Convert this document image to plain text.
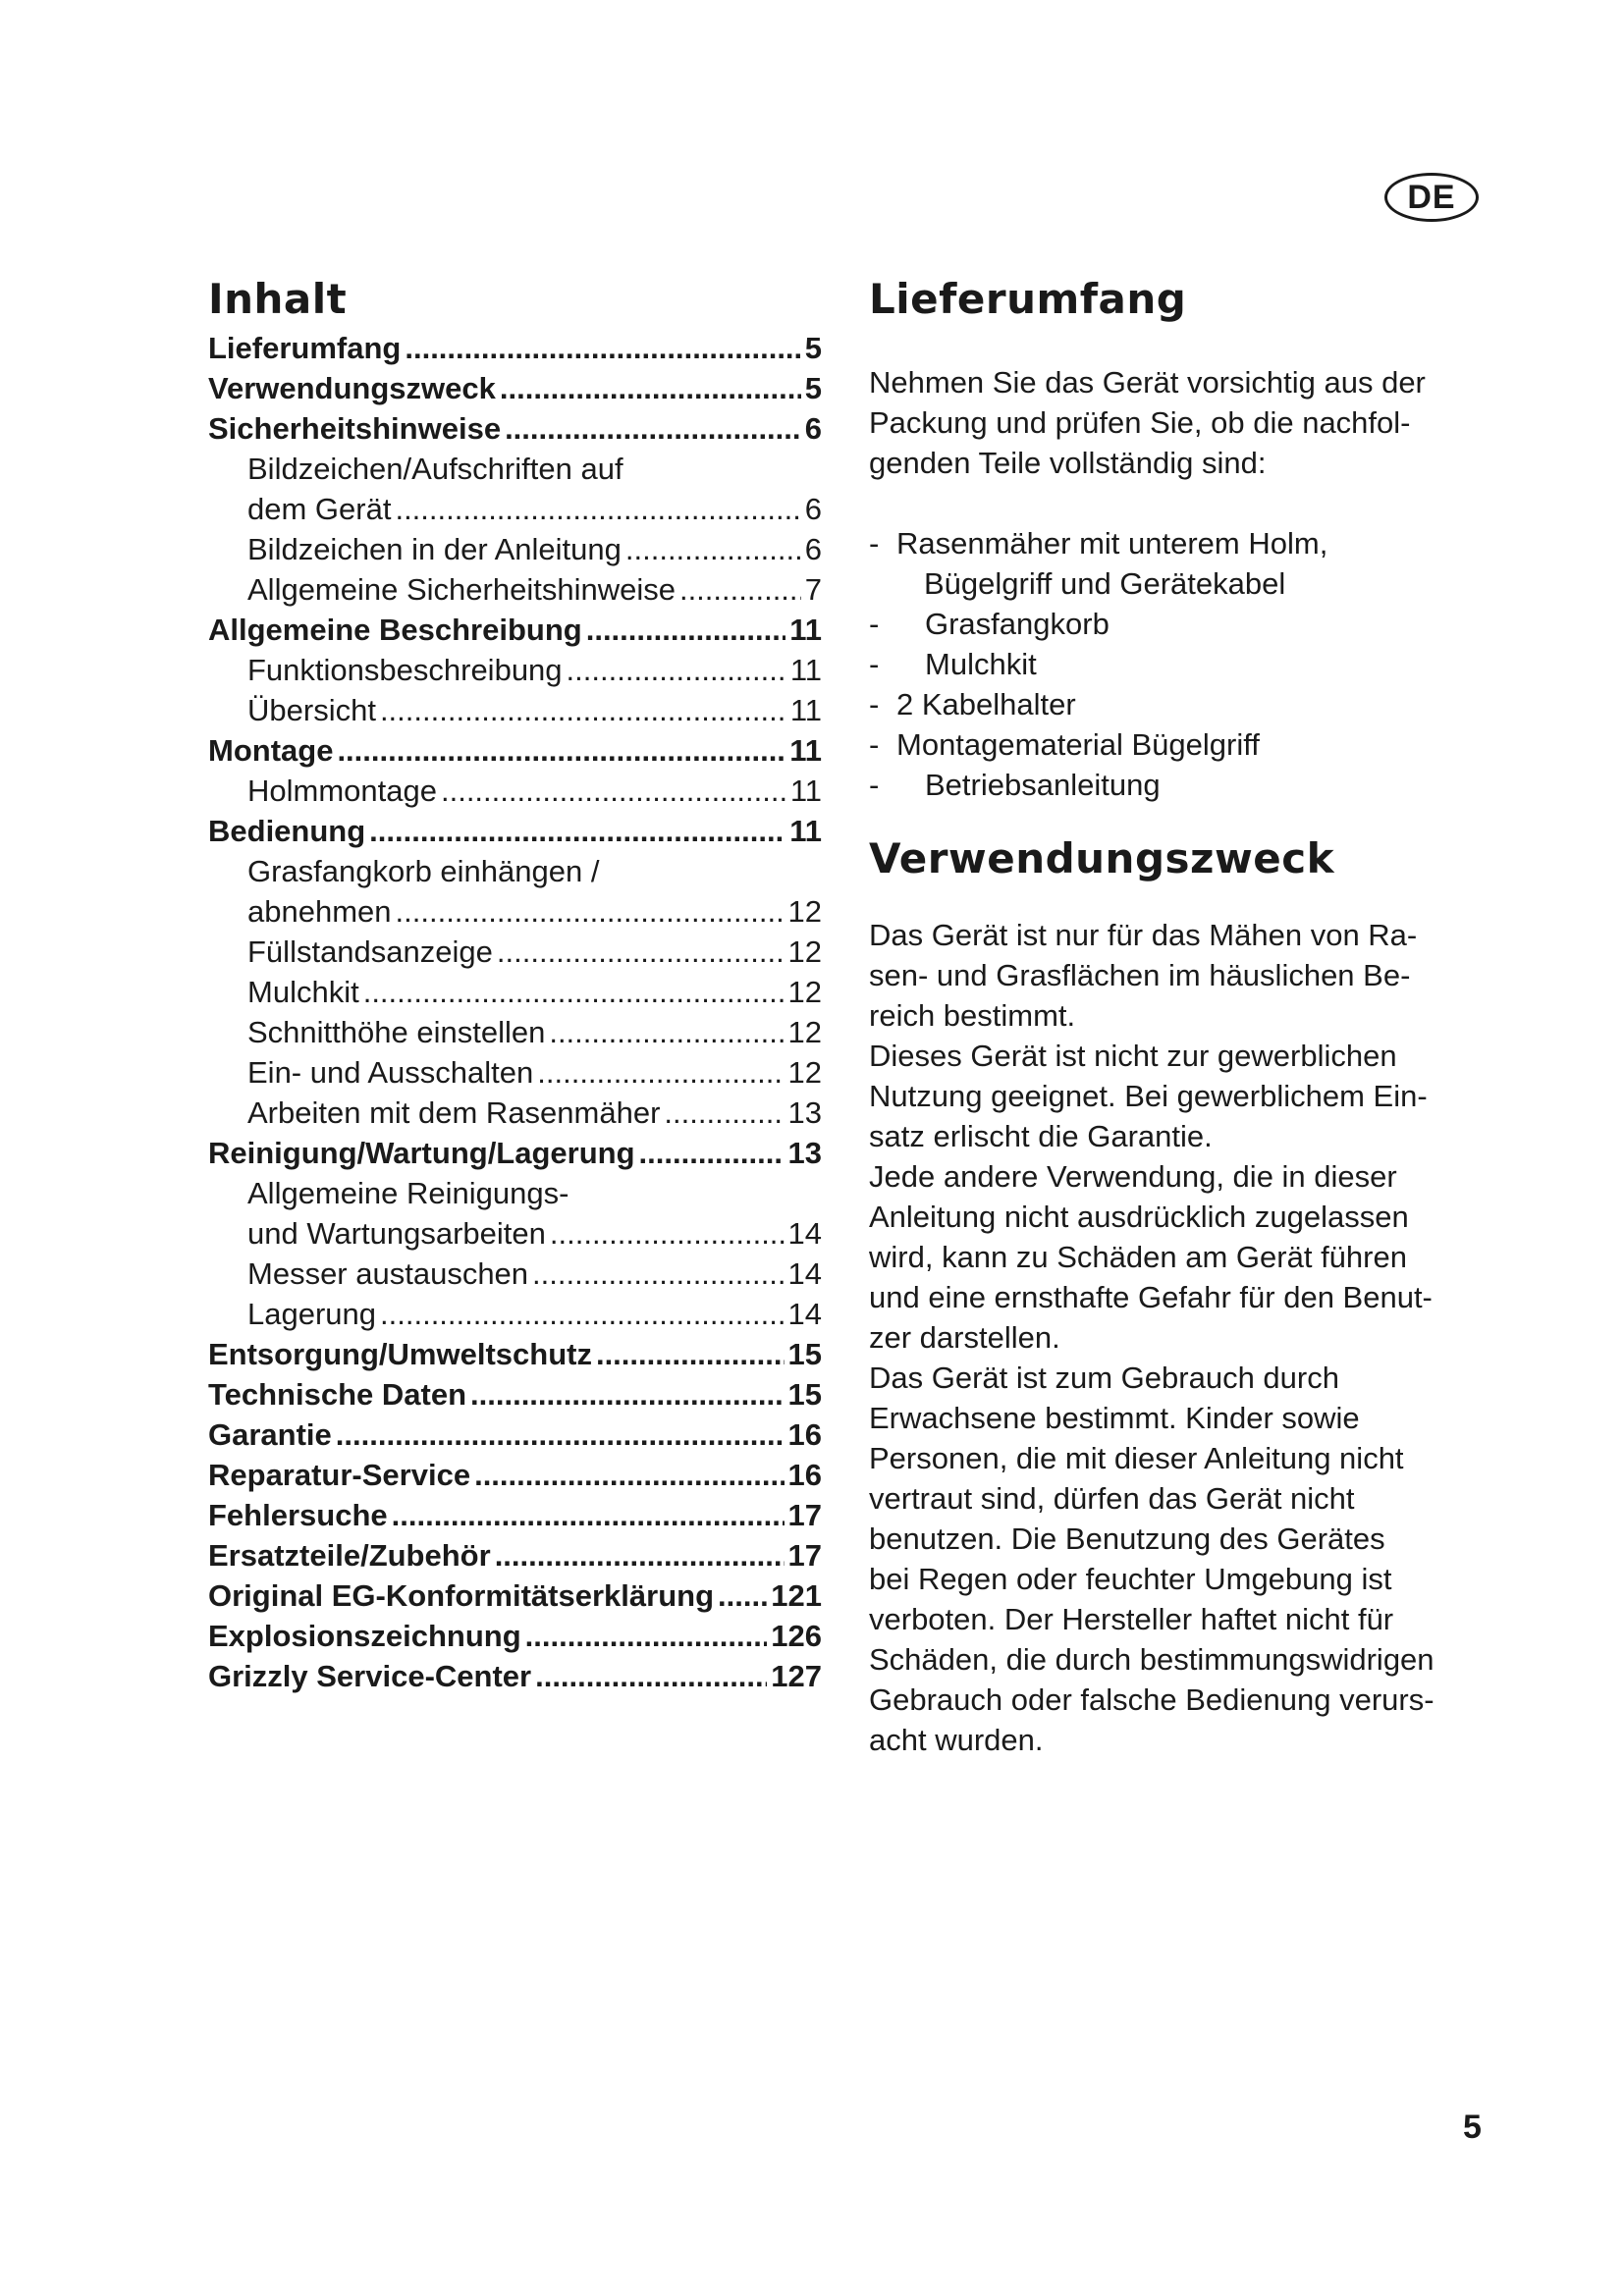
DE
Inhalt
Lieferumfang .....	5
Verwendungszweck .....	5
Sicherheitshinweise .....	6
Bildzeichen/Aufschriften auf
dem Gerät .....	6
Bildzeichen in der Anleitung .....	6
Allgemeine Sicherheitshinweise .....	7
Allgemeine Beschreibung .....	11
Funktionsbeschreibung .....	11
Übersicht .....	11
Montage .....	11
Holmmontage .....	11
Bedienung .....	11
Grasfangkorb einhängen /
abnehmen .....	12
Füllstandsanzeige .....	12
Mulchkit .....	12
Schnitthöhe einstellen .....	12
Ein- und Ausschalten .....	12
Arbeiten mit dem Rasenmäher .....	13
Reinigung/Wartung/Lagerung .....	13
Allgemeine Reinigungs-
und Wartungsarbeiten .....	14
Messer austauschen .....	14
Lagerung .....	14
Entsorgung/Umweltschutz .....	15
Technische Daten .....	15
Garantie .....	16
Reparatur-Service .....	16
Fehlersuche .....	17
Ersatzteile/Zubehör .....	17
Original EG-Konformitätserklärung ..... 121
Explosionszeichnung .....	126
Grizzly Service-Center .....	127
Lieferumfang

Nehmen Sie das Gerät vorsichtig aus der

Packung und prüfen Sie, ob die nachfol-

genden Teile vollständig sind:

- Rasenmäher mit unterem Holm,
Bügelgriff und Gerätekabel
-	Grasfangkorb
-	Mulchkit
- 2 Kabelhalter
- Montagematerial Bügelgriff
-	Betriebsanleitung
Verwendungszweck

Das Gerät ist nur für das Mähen von Ra-

sen- und Grasflächen im häuslichen Be-

reich bestimmt.

Dieses Gerät ist nicht zur gewerblichen

Nutzung geeignet. Bei gewerblichem Ein-

satz erlischt die Garantie.

Jede andere Verwendung, die in dieser

Anleitung nicht ausdrücklich zugelassen

wird, kann zu Schäden am Gerät führen

und eine ernsthafte Gefahr für den Benut-

zer darstellen.

Das Gerät ist zum Gebrauch durch

Erwachsene bestimmt. Kinder sowie

Personen, die mit dieser Anleitung nicht

vertraut sind, dürfen das Gerät nicht

benutzen. Die Benutzung des Gerätes

bei Regen oder feuchter Umgebung ist

verboten. Der Hersteller haftet nicht für

Schäden, die durch bestimmungswidrigen

Gebrauch oder falsche Bedienung verurs-

acht wurden.

5
